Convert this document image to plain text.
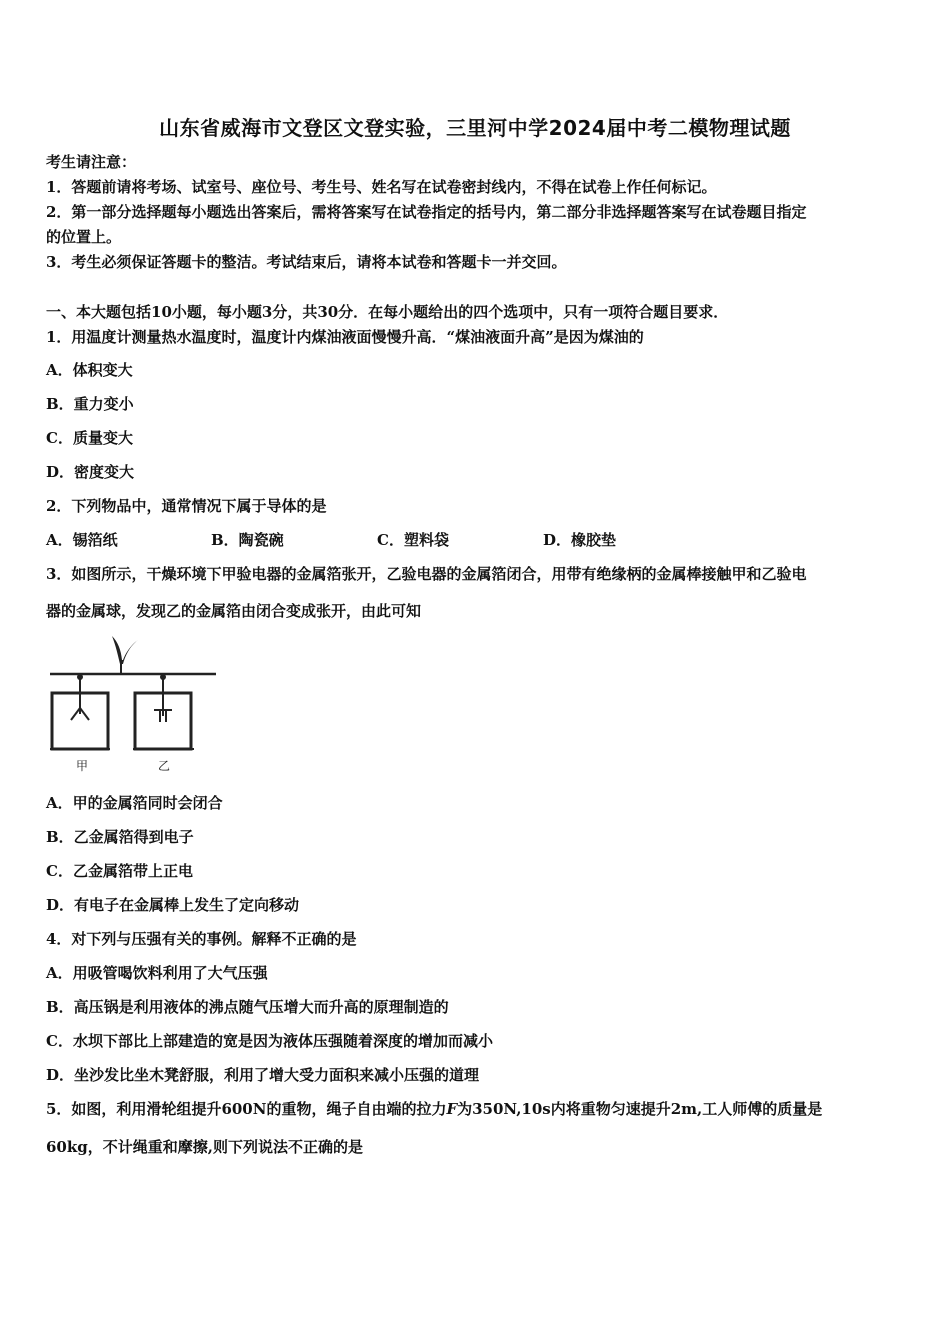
山东省威海市文登区文登实验，三里河中学2024届中考二模物理试题
考生请注意：
1．答题前请将考场、试室号、座位号、考生号、姓名写在试卷密封线内，不得在试卷上作任何标记。
2．第一部分选择题每小题选出答案后，需将答案写在试卷指定的括号内，第二部分非选择题答案写在试卷题目指定
的位置上。
3．考生必须保证答题卡的整洁。考试结束后，请将本试卷和答题卡一并交回。
一、本大题包括10小题，每小题3分，共30分．在每小题给出的四个选项中，只有一项符合题目要求．
1．用温度计测量热水温度时，温度计内煤油液面慢慢升高．“煤油液面升高”是因为煤油的
A．体积变大
B．重力变小
C．质量变大
D．密度变大
2．下列物品中，通常情况下属于导体的是
A．锡箔纸	B．陶瓷碗	C．塑料袋	D．橡胶垫
3．如图所示，干燥环境下甲验电器的金属箔张开，乙验电器的金属箔闭合，用带有绝缘柄的金属棒接触甲和乙验电
器的金属球，发现乙的金属箔由闭合变成张开，由此可知
甲	乙
A．甲的金属箔同时会闭合
B．乙金属箔得到电子
C．乙金属箔带上正电
D．有电子在金属棒上发生了定向移动
4．对下列与压强有关的事例。解释不正确的是
A．用吸管喝饮料利用了大气压强
B．高压锅是利用液体的沸点随气压增大而升高的原理制造的
C．水坝下部比上部建造的宽是因为液体压强随着深度的增加而减小
D．坐沙发比坐木凳舒服，利用了增大受力面积来减小压强的道理
5．如图，利用滑轮组提升600N的重物，绳子自由端的拉力F为350N,10s内将重物匀速提升2m,工人师傅的质量是
60kg，不计绳重和摩擦,则下列说法不正确的是
